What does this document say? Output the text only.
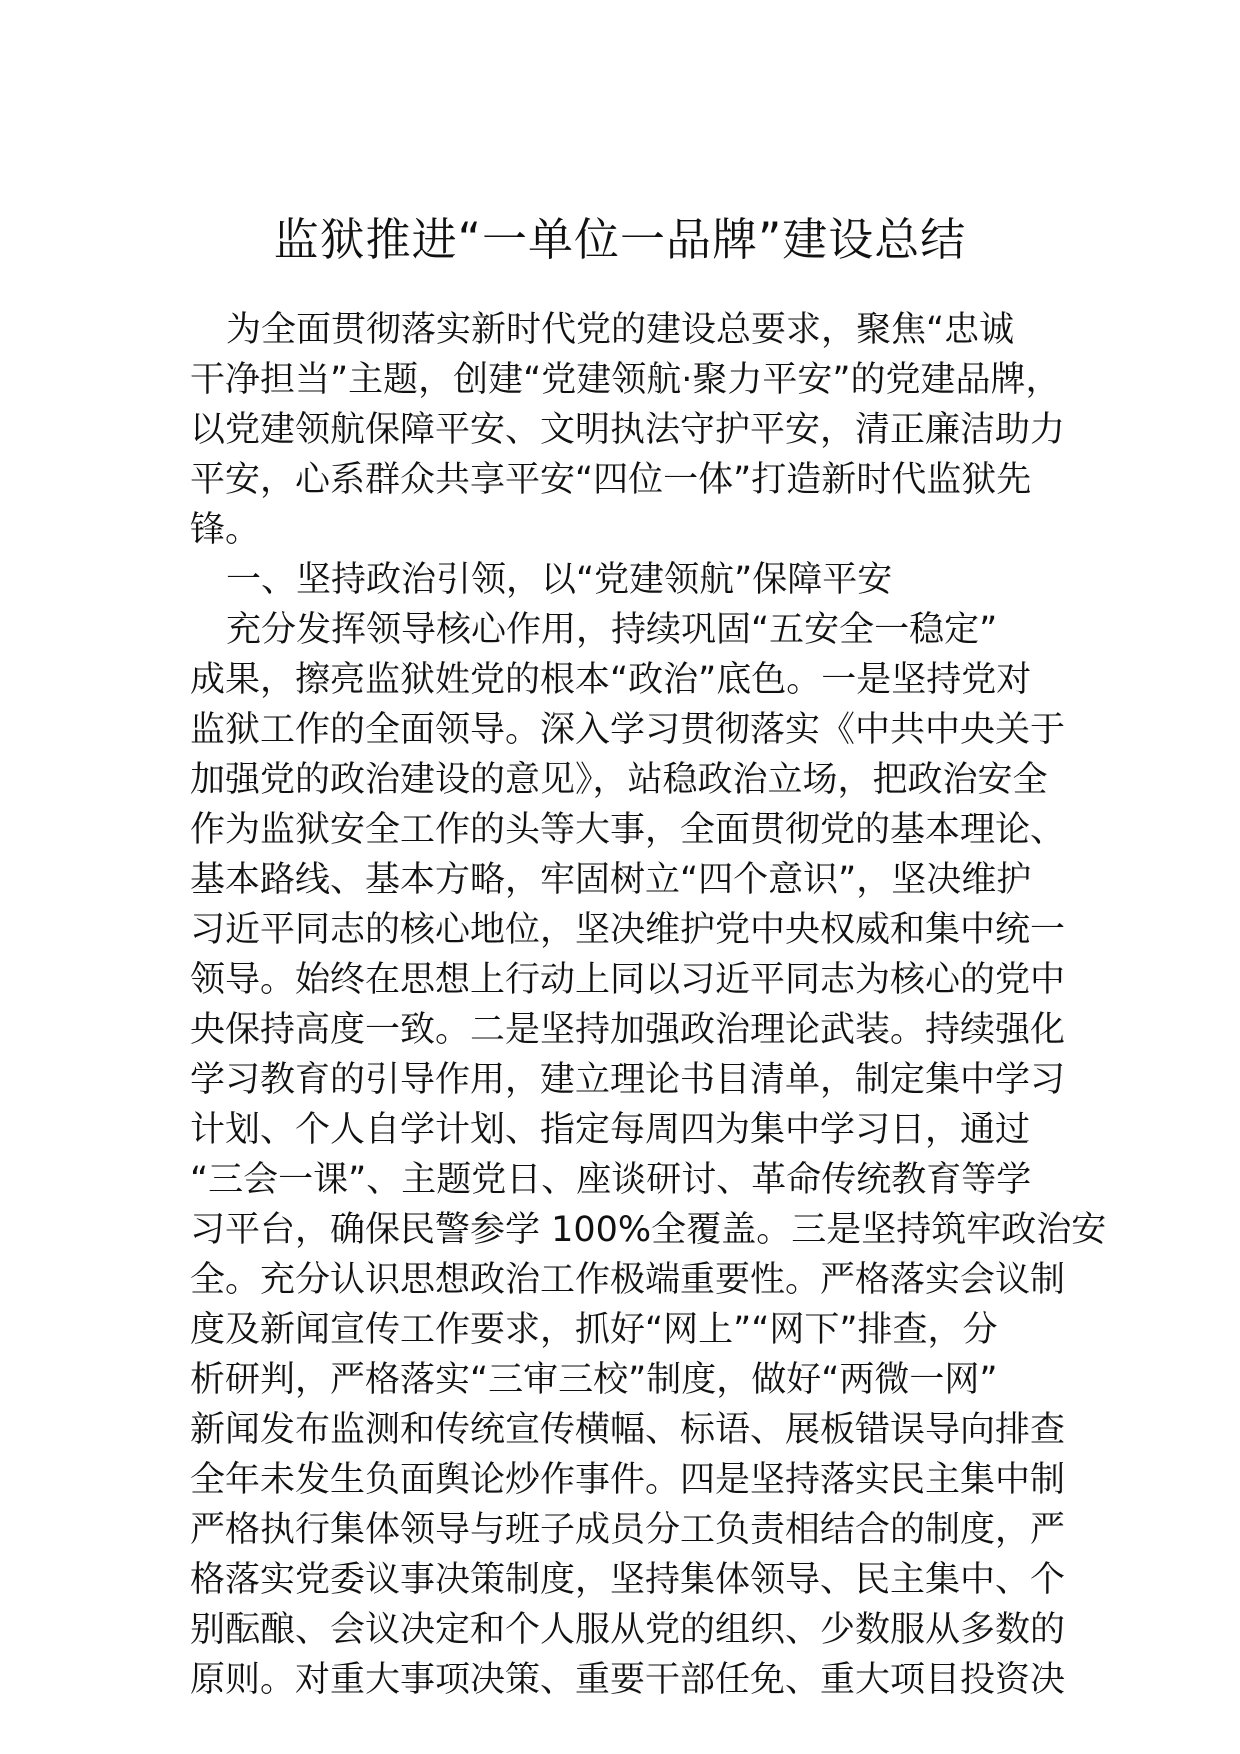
监狱推进“一单位一品牌”建设总结

为全面贯彻落实新时代党的建设总要求，聚焦“忠诚

干净担当”主题，创建“党建领航·聚力平安”的党建品牌，

以党建领航保障平安、文明执法守护平安，清正廉洁助力

平安，心系群众共享平安“四位一体”打造新时代监狱先

锋。

一、坚持政治引领，以“党建领航”保障平安

充分发挥领导核心作用，持续巩固“五安全一稳定”

成果，擦亮监狱姓党的根本“政治”底色。一是坚持党对

监狱工作的全面领导。深入学习贯彻落实《中共中央关于

加强党的政治建设的意见》，站稳政治立场，把政治安全

作为监狱安全工作的头等大事，全面贯彻党的基本理论、

基本路线、基本方略，牢固树立“四个意识”，坚决维护

习近平同志的核心地位，坚决维护党中央权威和集中统一

领导。始终在思想上行动上同以习近平同志为核心的党中

央保持高度一致。二是坚持加强政治理论武装。持续强化

学习教育的引导作用，建立理论书目清单，制定集中学习

计划、个人自学计划、指定每周四为集中学习日，通过

“三会一课”、主题党日、座谈研讨、革命传统教育等学

习平台，确保民警参学 100%全覆盖。三是坚持筑牢政治安

全。充分认识思想政治工作极端重要性。严格落实会议制

度及新闻宣传工作要求，抓好“网上”“网下”排查，分

析研判，严格落实“三审三校”制度，做好“两微一网”

新闻发布监测和传统宣传横幅、标语、展板错误导向排查

全年未发生负面舆论炒作事件。四是坚持落实民主集中制

严格执行集体领导与班子成员分工负责相结合的制度，严

格落实党委议事决策制度，坚持集体领导、民主集中、个

别酝酿、会议决定和个人服从党的组织、少数服从多数的

原则。对重大事项决策、重要干部任免、重大项目投资决
